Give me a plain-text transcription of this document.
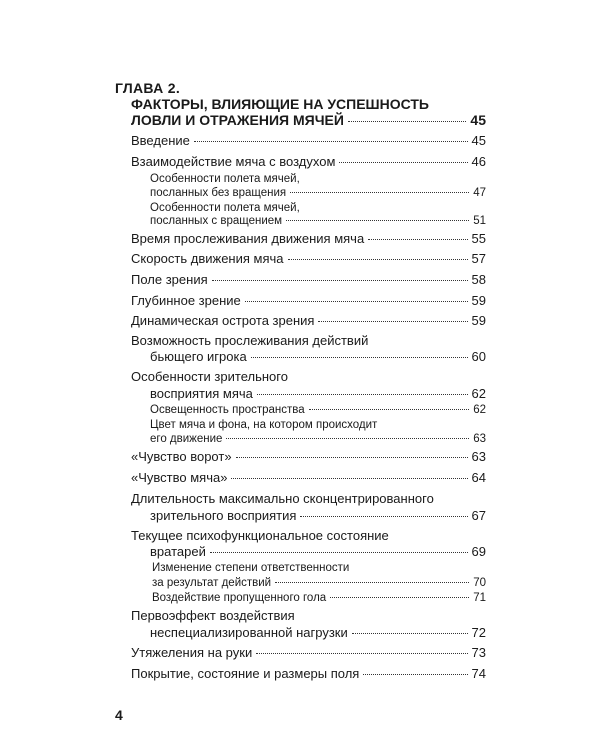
ГЛАВА 2.
ФАКТОРЫ, ВЛИЯЮЩИЕ НА УСПЕШНОСТЬ
ЛОВЛИ И ОТРАЖЕНИЯ МЯЧЕЙ	45
Введение	45
Взаимодействие мяча с воздухом	46
Особенности полета мячей,
посланных без вращения	47
Особенности полета мячей,
посланных с вращением	51
Время прослеживания движения мяча	55
Скорость движения мяча	57
Поле зрения	58
Глубинное зрение	59
Динамическая острота зрения	59
Возможность прослеживания действий
бьющего игрока	60
Особенности зрительного
восприятия мяча	62
Освещенность пространства	62
Цвет мяча и фона, на котором происходит
его движение	63
«Чувство ворот»	63
«Чувство мяча»	64
Длительность максимально сконцентрированного
зрительного восприятия	67
Текущее психофункциональное состояние
вратарей	69
Изменение степени ответственности
за результат действий	70
Воздействие пропущенного гола	71
Первоэффект воздействия
неспециализированной нагрузки	72
Утяжеления на руки	73
Покрытие, состояние и размеры поля	74
4
